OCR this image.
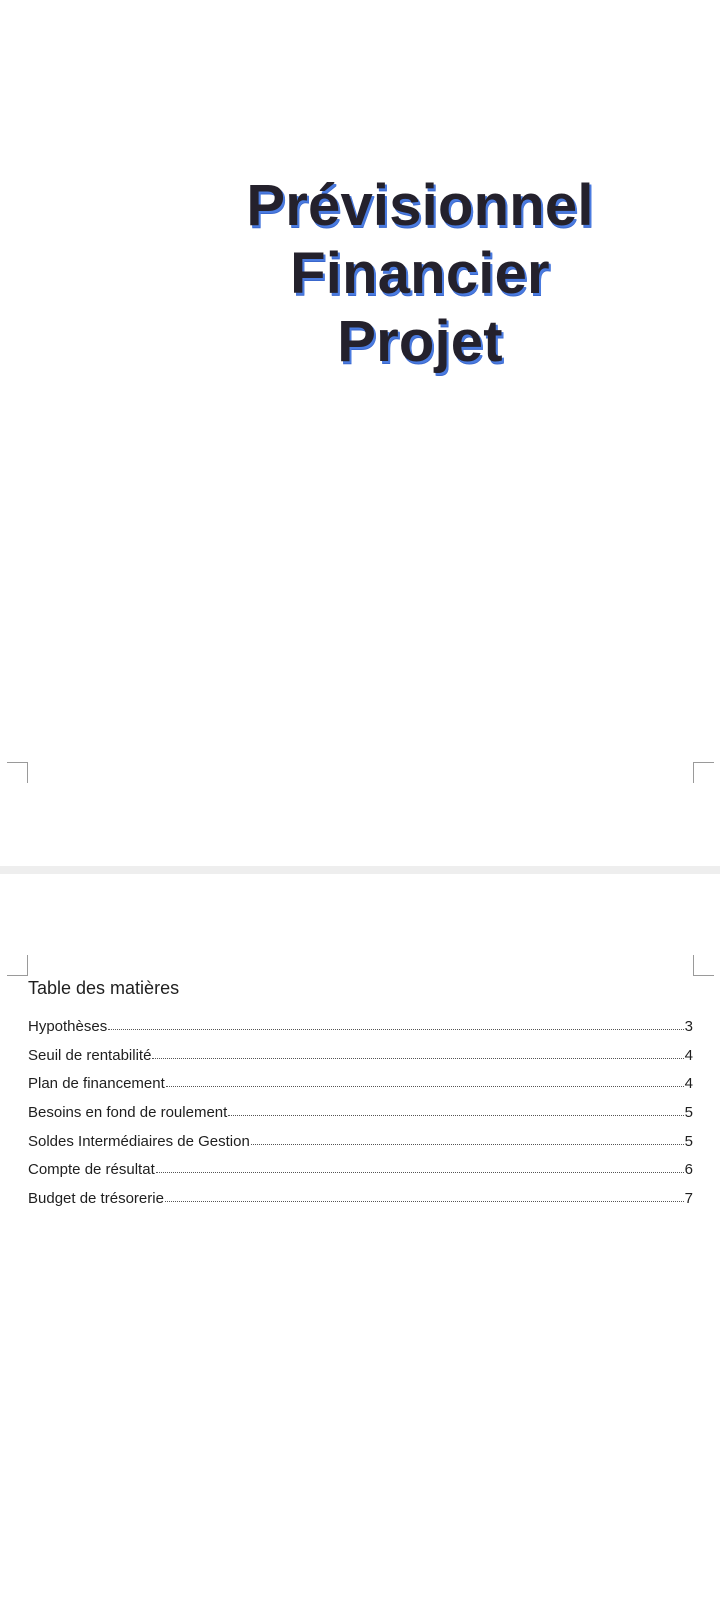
Prévisionnel Financier
Projet
Table des matières
Hypothèses	3
Seuil de rentabilité	4
Plan de financement	4
Besoins en fond de roulement	5
Soldes Intermédiaires de Gestion	5
Compte de résultat	6
Budget de trésorerie	7
